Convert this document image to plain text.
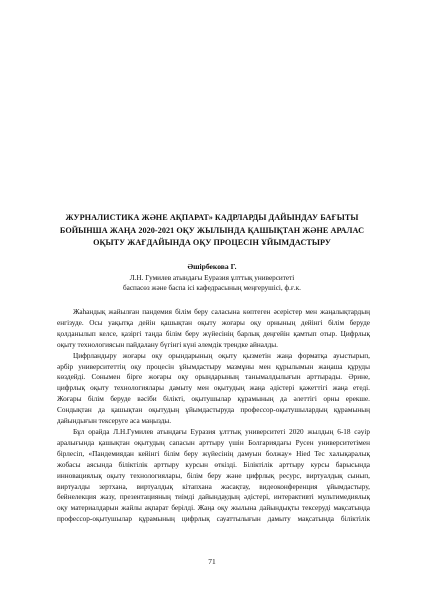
ЖУРНАЛИСТИКА ЖӘНЕ АҚПАРАТ» КАДРЛАРДЫ ДАЙЫНДАУ БАҒЫТЫ
БОЙЫНША ЖАҢА 2020-2021 ОҚУ ЖЫЛЫНДА ҚАШЫҚТАН ЖӘНЕ АРАЛАС
ОҚЫТУ ЖАҒДАЙЫНДА ОҚУ ПРОЦЕСІН ҰЙЫМДАСТЫРУ
Әшірбекова Г.
Л.Н. Гумилев атындағы Еуразия ұлттық университеті
баспасөз және баспа ісі кафедрасының меңгерушісі, ф.ғ.к.

Жаһандық жайылған пандемия білім беру саласына көптеген әсерістер мен жаңалықтардың
енгізуде. Осы уақытқа дейін қашықтан оқыту жоғары оқу орнының дейінгі білім беруде
қолданылып келсе, қазіргі таңда білім беру жүйесінің барлық деңгейін қамтып отыр. Цифрлық
оқыту технологиясын пайдалану бүгінгі күні әлемдік трендке айналды.

Цифрландыру жоғары оқу орындарының оқыту қызметін жаңа форматқа ауыстырып,
әрбір университеттің оқу процесін ұйымдастыру мазмұны мен құрылымын жаңаша құруды
көздейді. Сонымен бірге жоғары оқу орындарының танымалдылығын арттырады. Әрине,
цифрлық оқыту технологиялары дамыту мен оқытудың жаңа әдістері қажеттігі жаңа етеді.
Жоғары білім беруде вәсіби білікті, оқытушылар құрамының да әлеттігі орны ерекше.
Сондықтан да қашықтан оқытудың ұйымдастыруда профессор-оқытушылардың құрамының
дайындығын тексеруге аса маңызды.

Бұл орайда Л.Н.Гумилев атындағы Еуразия ұлттық университеті 2020 жылдың 6-18 сәуір
аралығында қашықтан оқытудың сапасын арттыру үшін Болгариядағы Русен университетімен
бірлесіп, «Пандемиядан кейінгі білім беру жүйесінің дамуын болжау» Hied Tec халықаралық
жобасы аясында біліктілік арттыру курсын өткізді. Біліктілік арттыру курсы барысында
инновациялық оқыту технологиялары, білім беру және цифрлық ресурс, виртуалдық сынып,
виртуалды зертхана, виртуалдық кітапхана жасақтау, видеоконференция ұйымдастыру,
бейнелекция жазу, презентацияның тиімді дайындаудың әдістері, интерактивті мультимедиялық
оқу материалдарын жайлы ақпарат берілді. Жаңа оқу жылына дайындықты тексеруді мақсатында
профессор-оқытушылар құрамының цифрлық сауаттылығын дамыту мақсатында біліктілік

71
